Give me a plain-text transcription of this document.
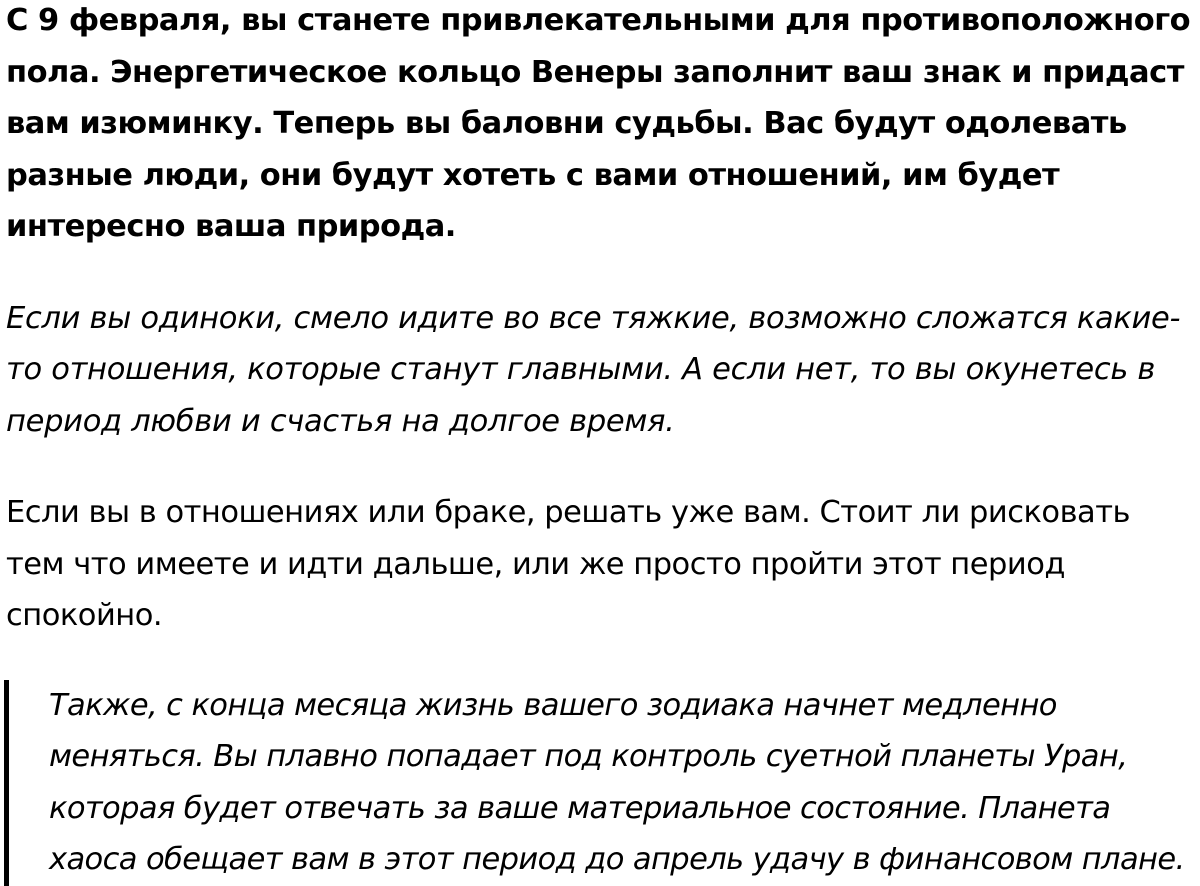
С 9 февраля, вы станете привлекательными для противоположного пола. Энергетическое кольцо Венеры заполнит ваш знак и придаст вам изюминку. Теперь вы баловни судьбы. Вас будут одолевать разные люди, они будут хотеть с вами отношений, им будет интересно ваша природа.

Если вы одиноки, смело идите во все тяжкие, возможно сложатся какие-то отношения, которые станут главными. А если нет, то вы окунетесь в период любви и счастья на долгое время.

Если вы в отношениях или браке, решать уже вам. Стоит ли рисковать тем что имеете и идти дальше, или же просто пройти этот период спокойно.

Также, с конца месяца жизнь вашего зодиака начнет медленно меняться. Вы плавно попадает под контроль суетной планеты Уран, которая будет отвечать за ваше материальное состояние. Планета хаоса обещает вам в этот период до апрель удачу в финансовом плане.
